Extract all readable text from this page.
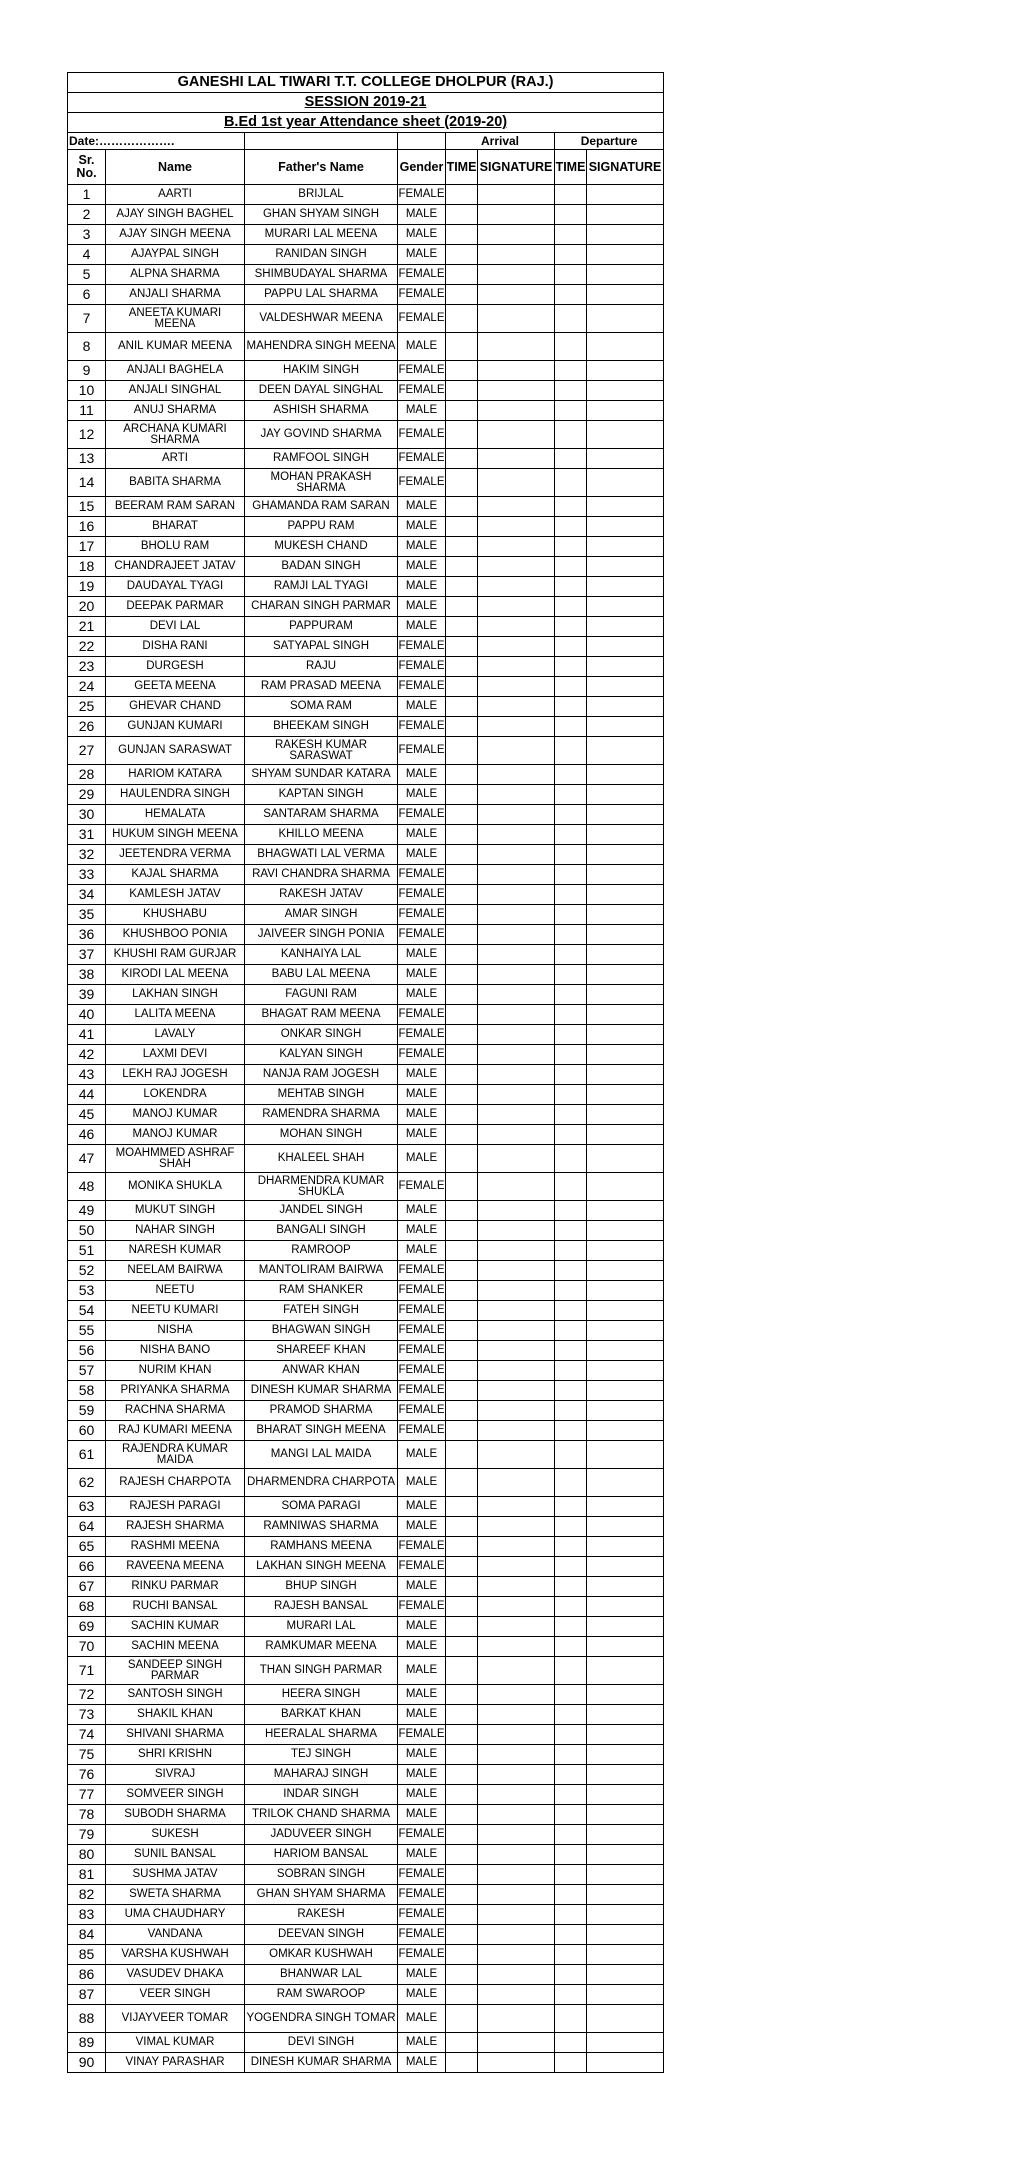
GANESHI LAL TIWARI T.T. COLLEGE DHOLPUR (RAJ.)							
SESSION 2019-21							
B.Ed 1st year Attendance sheet (2019-20)							
Date:……………….				Arrival		Departure	
Sr. No.	Name	Father's Name	Gender	TIME	SIGNATURE	TIME	SIGNATURE
1	AARTI	BRIJLAL	FEMALE				
2	AJAY SINGH BAGHEL	GHAN SHYAM SINGH	MALE				
3	AJAY SINGH MEENA	MURARI LAL MEENA	MALE				
4	AJAYPAL SINGH	RANIDAN SINGH	MALE				
5	ALPNA SHARMA	SHIMBUDAYAL SHARMA	FEMALE				
6	ANJALI SHARMA	PAPPU LAL SHARMA	FEMALE				
7	ANEETA KUMARI MEENA	VALDESHWAR MEENA	FEMALE				
8	ANIL KUMAR MEENA	MAHENDRA SINGH MEENA	MALE				
9	ANJALI BAGHELA	HAKIM SINGH	FEMALE				
10	ANJALI SINGHAL	DEEN DAYAL SINGHAL	FEMALE				
11	ANUJ SHARMA	ASHISH SHARMA	MALE				
12	ARCHANA KUMARI SHARMA	JAY GOVIND SHARMA	FEMALE				
13	ARTI	RAMFOOL SINGH	FEMALE				
14	BABITA SHARMA	MOHAN PRAKASH SHARMA	FEMALE				
15	BEERAM RAM SARAN	GHAMANDA RAM SARAN	MALE				
16	BHARAT	PAPPU RAM	MALE				
17	BHOLU RAM	MUKESH CHAND	MALE				
18	CHANDRAJEET JATAV	BADAN SINGH	MALE				
19	DAUDAYAL TYAGI	RAMJI LAL TYAGI	MALE				
20	DEEPAK PARMAR	CHARAN SINGH PARMAR	MALE				
21	DEVI LAL	PAPPURAM	MALE				
22	DISHA RANI	SATYAPAL SINGH	FEMALE				
23	DURGESH	RAJU	FEMALE				
24	GEETA MEENA	RAM PRASAD MEENA	FEMALE				
25	GHEVAR CHAND	SOMA RAM	MALE				
26	GUNJAN KUMARI	BHEEKAM SINGH	FEMALE				
27	GUNJAN SARASWAT	RAKESH KUMAR SARASWAT	FEMALE				
28	HARIOM KATARA	SHYAM SUNDAR KATARA	MALE				
29	HAULENDRA SINGH	KAPTAN SINGH	MALE				
30	HEMALATA	SANTARAM SHARMA	FEMALE				
31	HUKUM SINGH MEENA	KHILLO MEENA	MALE				
32	JEETENDRA VERMA	BHAGWATI LAL VERMA	MALE				
33	KAJAL SHARMA	RAVI CHANDRA SHARMA	FEMALE				
34	KAMLESH JATAV	RAKESH JATAV	FEMALE				
35	KHUSHABU	AMAR SINGH	FEMALE				
36	KHUSHBOO PONIA	JAIVEER SINGH PONIA	FEMALE				
37	KHUSHI RAM GURJAR	KANHAIYA LAL	MALE				
38	KIRODI LAL MEENA	BABU LAL MEENA	MALE				
39	LAKHAN SINGH	FAGUNI RAM	MALE				
40	LALITA MEENA	BHAGAT RAM MEENA	FEMALE				
41	LAVALY	ONKAR SINGH	FEMALE				
42	LAXMI DEVI	KALYAN SINGH	FEMALE				
43	LEKH RAJ JOGESH	NANJA RAM JOGESH	MALE				
44	LOKENDRA	MEHTAB SINGH	MALE				
45	MANOJ KUMAR	RAMENDRA SHARMA	MALE				
46	MANOJ KUMAR	MOHAN SINGH	MALE				
47	MOAHMMED ASHRAF SHAH	KHALEEL SHAH	MALE				
48	MONIKA SHUKLA	DHARMENDRA KUMAR SHUKLA	FEMALE				
49	MUKUT SINGH	JANDEL SINGH	MALE				
50	NAHAR SINGH	BANGALI SINGH	MALE				
51	NARESH KUMAR	RAMROOP	MALE				
52	NEELAM BAIRWA	MANTOLIRAM BAIRWA	FEMALE				
53	NEETU	RAM SHANKER	FEMALE				
54	NEETU KUMARI	FATEH SINGH	FEMALE				
55	NISHA	BHAGWAN SINGH	FEMALE				
56	NISHA BANO	SHAREEF KHAN	FEMALE				
57	NURIM KHAN	ANWAR KHAN	FEMALE				
58	PRIYANKA SHARMA	DINESH KUMAR SHARMA	FEMALE				
59	RACHNA SHARMA	PRAMOD SHARMA	FEMALE				
60	RAJ KUMARI MEENA	BHARAT SINGH MEENA	FEMALE				
61	RAJENDRA KUMAR MAIDA	MANGI LAL MAIDA	MALE				
62	RAJESH CHARPOTA	DHARMENDRA CHARPOTA	MALE				
63	RAJESH PARAGI	SOMA PARAGI	MALE				
64	RAJESH SHARMA	RAMNIWAS SHARMA	MALE				
65	RASHMI MEENA	RAMHANS MEENA	FEMALE				
66	RAVEENA MEENA	LAKHAN SINGH MEENA	FEMALE				
67	RINKU PARMAR	BHUP SINGH	MALE				
68	RUCHI BANSAL	RAJESH BANSAL	FEMALE				
69	SACHIN KUMAR	MURARI LAL	MALE				
70	SACHIN MEENA	RAMKUMAR MEENA	MALE				
71	SANDEEP SINGH PARMAR	THAN SINGH PARMAR	MALE				
72	SANTOSH SINGH	HEERA SINGH	MALE				
73	SHAKIL KHAN	BARKAT KHAN	MALE				
74	SHIVANI SHARMA	HEERALAL SHARMA	FEMALE				
75	SHRI KRISHN	TEJ SINGH	MALE				
76	SIVRAJ	MAHARAJ SINGH	MALE				
77	SOMVEER SINGH	INDAR SINGH	MALE				
78	SUBODH SHARMA	TRILOK CHAND SHARMA	MALE				
79	SUKESH	JADUVEER SINGH	FEMALE				
80	SUNIL BANSAL	HARIOM BANSAL	MALE				
81	SUSHMA JATAV	SOBRAN SINGH	FEMALE				
82	SWETA SHARMA	GHAN SHYAM SHARMA	FEMALE				
83	UMA CHAUDHARY	RAKESH	FEMALE				
84	VANDANA	DEEVAN SINGH	FEMALE				
85	VARSHA KUSHWAH	OMKAR KUSHWAH	FEMALE				
86	VASUDEV DHAKA	BHANWAR LAL	MALE				
87	VEER SINGH	RAM SWAROOP	MALE				
88	VIJAYVEER TOMAR	YOGENDRA SINGH TOMAR	MALE				
89	VIMAL KUMAR	DEVI SINGH	MALE				
90	VINAY PARASHAR	DINESH KUMAR SHARMA	MALE				
